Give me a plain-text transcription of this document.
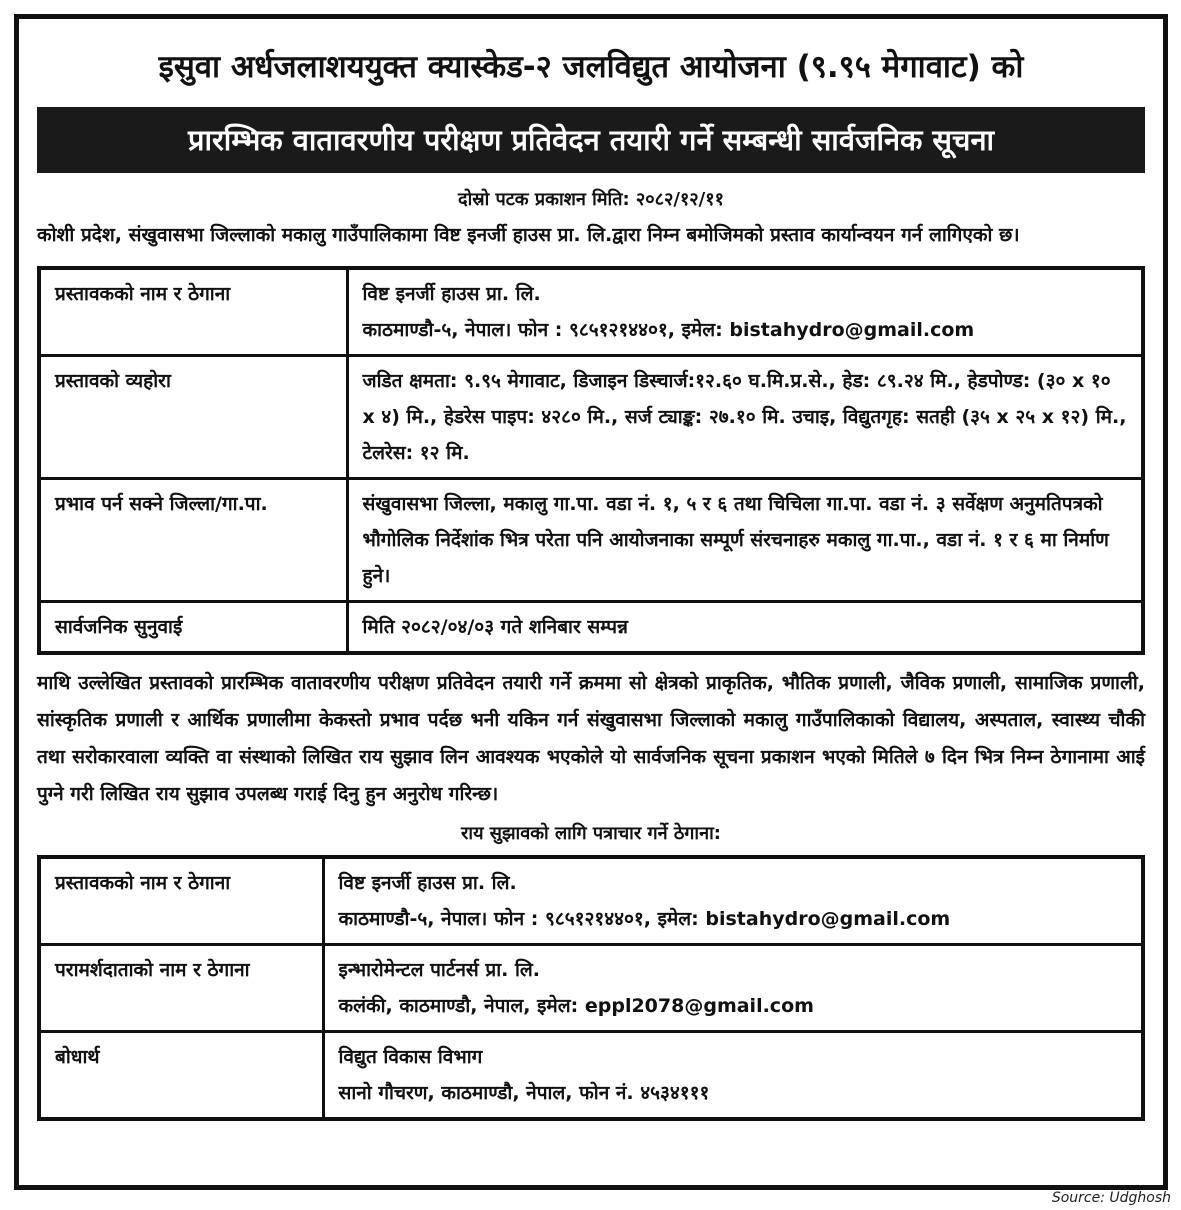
इसुवा अर्धजलाशययुक्त क्यास्केड-२ जलविद्युत आयोजना (९.९५ मेगावाट) को
प्रारम्भिक वातावरणीय परीक्षण प्रतिवेदन तयारी गर्ने सम्बन्धी सार्वजनिक सूचना
दोस्रो पटक प्रकाशन मिति: २०८२/१२/११
कोशी प्रदेश, संखुवासभा जिल्लाको मकालु गाउँपालिकामा विष्ट इनर्जी हाउस प्रा. लि.द्वारा निम्न बमोजिमको प्रस्ताव कार्यान्वयन गर्न लागिएको छ।
प्रस्तावकको नाम र ठेगाना	विष्ट इनर्जी हाउस प्रा. लि.
काठमाण्डौ-५, नेपाल। फोन : ९८५१२१४४०१, इमेल: bistahydro@gmail.com

प्रस्तावको व्यहोरा	जडित क्षमता: ९.९५ मेगावाट, डिजाइन डिस्चार्ज:१२.६० घ.मि.प्र.से., हेड: ८९.२४ मि., हेडपोण्ड: (३० x १० x ४) मि., हेडरेस पाइप: ४२८० मि., सर्ज ट्याङ्क: २७.१० मि. उचाइ, विद्युतगृह: सतही (३५ x २५ x १२) मि., टेलरेस: १२ मि.

प्रभाव पर्न सक्ने जिल्ला/गा.पा.	संखुवासभा जिल्ला, मकालु गा.पा. वडा नं. १, ५ र ६ तथा चिचिला गा.पा. वडा नं. ३ सर्वेक्षण अनुमतिपत्रको भौगोलिक निर्देशांक भित्र परेता पनि आयोजनाका सम्पूर्ण संरचनाहरु मकालु गा.पा., वडा नं. १ र ६ मा निर्माण हुने।

सार्वजनिक सुनुवाई	मिति २०८२/०४/०३ गते शनिबार सम्पन्न
माथि उल्लेखित प्रस्तावको प्रारम्भिक वातावरणीय परीक्षण प्रतिवेदन तयारी गर्ने क्रममा सो क्षेत्रको प्राकृतिक, भौतिक प्रणाली, जैविक प्रणाली, सामाजिक प्रणाली, सांस्कृतिक प्रणाली र आर्थिक प्रणालीमा केकस्तो प्रभाव पर्दछ भनी यकिन गर्न संखुवासभा जिल्लाको मकालु गाउँपालिकाको विद्यालय, अस्पताल, स्वास्थ्य चौकी तथा सरोकारवाला व्यक्ति वा संस्थाको लिखित राय सुझाव लिन आवश्यक भएकोले यो सार्वजनिक सूचना प्रकाशन भएको मितिले ७ दिन भित्र निम्न ठेगानामा आई पुग्ने गरी लिखित राय सुझाव उपलब्ध गराई दिनु हुन अनुरोध गरिन्छ।
राय सुझावको लागि पत्राचार गर्ने ठेगाना:
प्रस्तावकको नाम र ठेगाना	विष्ट इनर्जी हाउस प्रा. लि.
काठमाण्डौ-५, नेपाल। फोन : ९८५१२१४४०१, इमेल: bistahydro@gmail.com

परामर्शदाताको नाम र ठेगाना	इन्भारोमेन्टल पार्टनर्स प्रा. लि.
कलंकी, काठमाण्डौ, नेपाल, इमेल: eppl2078@gmail.com

बोधार्थ	विद्युत विकास विभाग
सानो गौचरण, काठमाण्डौ, नेपाल, फोन नं. ४५३४१११
Source: Udghosh
